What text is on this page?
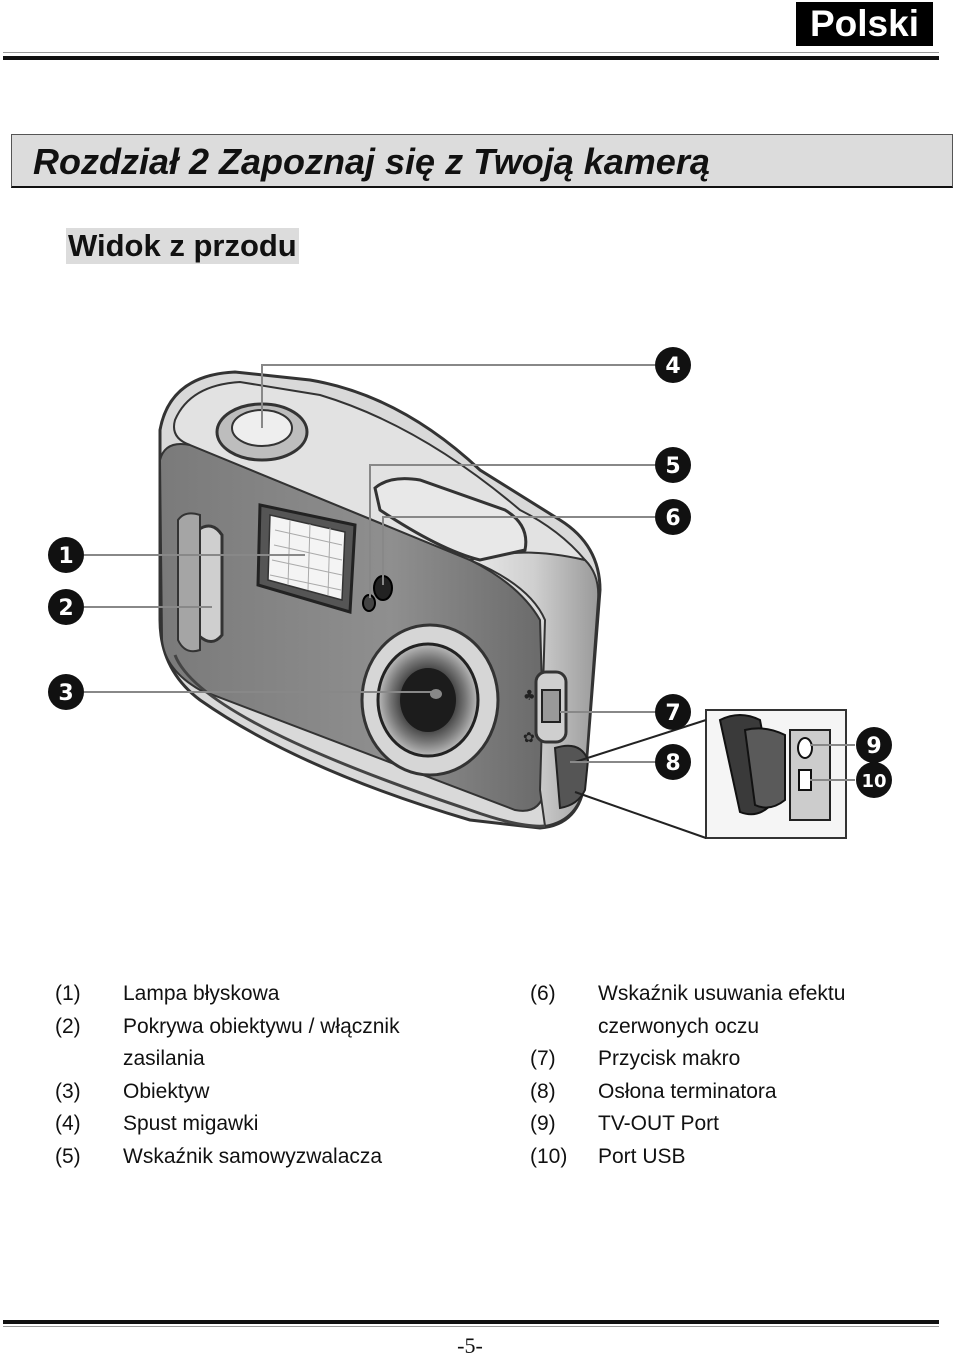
Polski
Rozdział 2 Zapoznaj się z Twoją kamerą
Widok z przodu
♣
✿
1
2
3
4
5
6
7
8
9
10
(1) Lampa błyskowa
(2) Pokrywa obiektywu / włącznik
zasilania
(3) Obiektyw
(4) Spust migawki
(5) Wskaźnik samowyzwalacza
(6) Wskaźnik usuwania efektu
czerwonych oczu
(7) Przycisk makro
(8) Osłona terminatora
(9) TV-OUT Port
(10) Port USB
-5-
